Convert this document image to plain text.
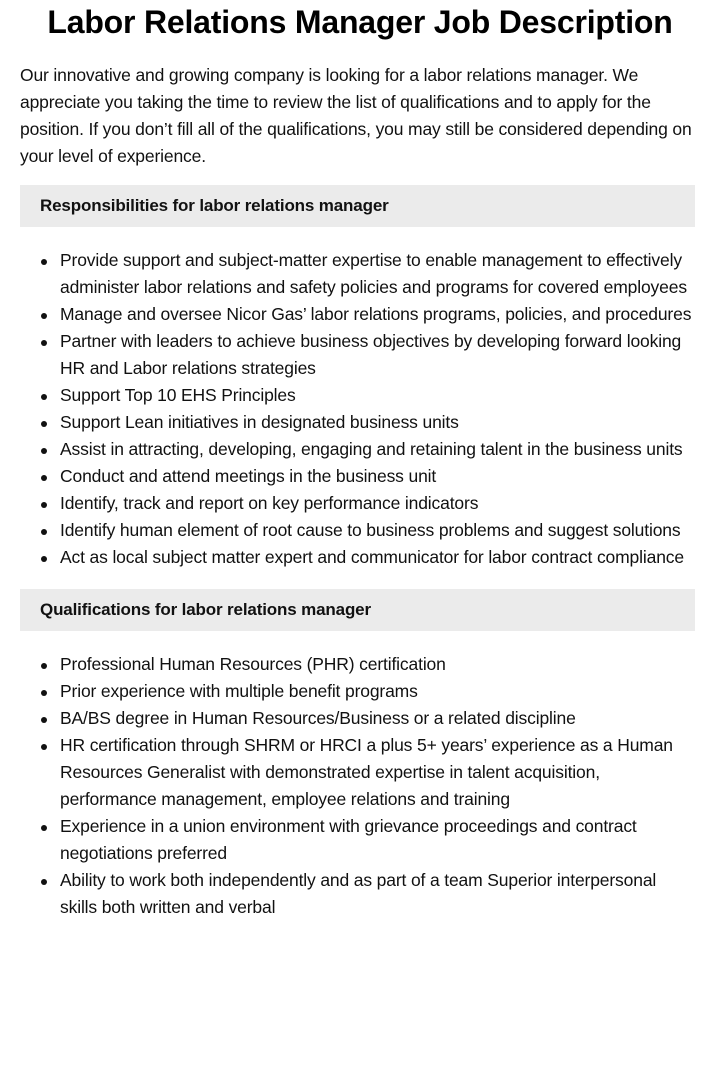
Labor Relations Manager Job Description

Our innovative and growing company is looking for a labor relations manager. We appreciate you taking the time to review the list of qualifications and to apply for the position. If you don’t fill all of the qualifications, you may still be considered depending on your level of experience.

Responsibilities for labor relations manager
Provide support and subject-matter expertise to enable management to effectively administer labor relations and safety policies and programs for covered employees
Manage and oversee Nicor Gas’ labor relations programs, policies, and procedures
Partner with leaders to achieve business objectives by developing forward looking HR and Labor relations strategies
Support Top 10 EHS Principles
Support Lean initiatives in designated business units
Assist in attracting, developing, engaging and retaining talent in the business units
Conduct and attend meetings in the business unit
Identify, track and report on key performance indicators
Identify human element of root cause to business problems and suggest solutions
Act as local subject matter expert and communicator for labor contract compliance
Qualifications for labor relations manager
Professional Human Resources (PHR) certification
Prior experience with multiple benefit programs
BA/BS degree in Human Resources/Business or a related discipline
HR certification through SHRM or HRCI a plus 5+ years’ experience as a Human Resources Generalist with demonstrated expertise in talent acquisition, performance management, employee relations and training
Experience in a union environment with grievance proceedings and contract negotiations preferred
Ability to work both independently and as part of a team Superior interpersonal skills both written and verbal
